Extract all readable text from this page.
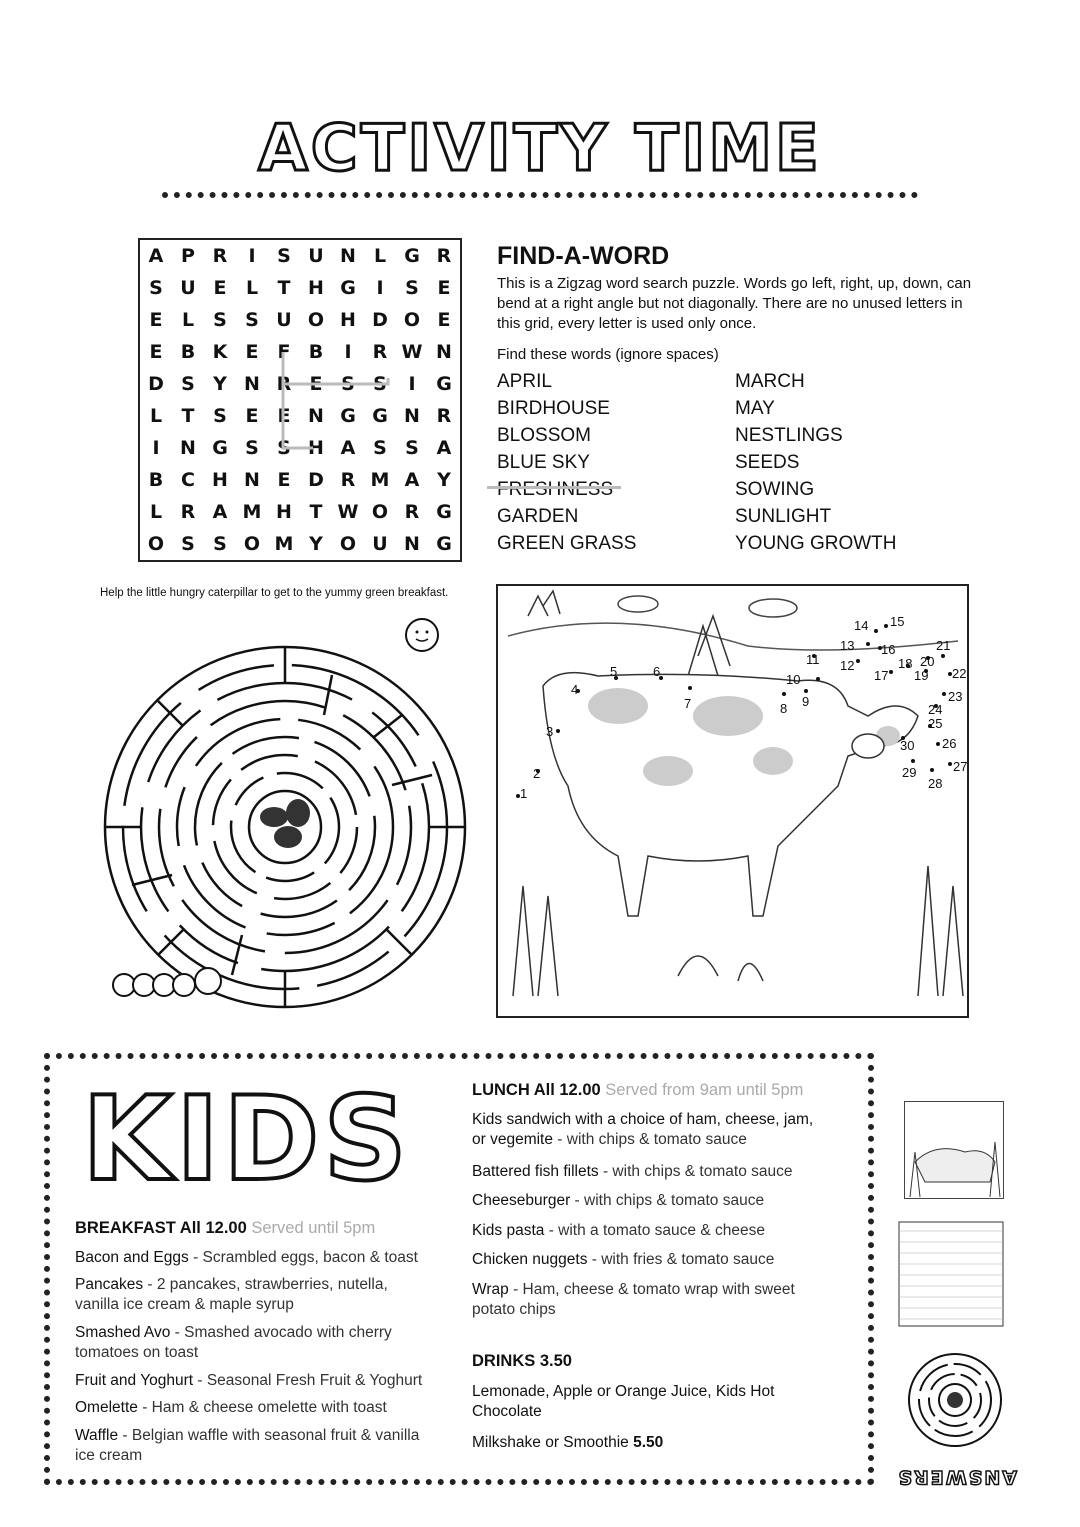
ACTIVITY TIME
A P R	I	S U N L G R
S U E	L	T H G	I	S E
E	L	S S U O H D O E
E B K E	F B	I	R W N
D S Y N R E S S	I	G
L	T S E	E N G G N R
I	N G S S H A S S A
B C H N E D R M A Y
L R A M H T W O R G
O S S O M Y O U N G
FIND-A-WORD
This is a Zigzag word search puzzle. Words go left, right, up, down, can bend at a right angle but not diagonally. There are no unused letters in this grid, every letter is used only once.
Find these words (ignore spaces)
APRIL
BIRDHOUSE
BLOSSOM
BLUE SKY
FRESHNESS
GARDEN
GREEN GRASS
MARCH
MAY
NESTLINGS
SEEDS
SOWING
SUNLIGHT
YOUNG GROWTH
Help the little hungry caterpillar to get to the yummy green breakfast.
1
2
3
4
5	6
7	8 9
10
11 12
13
14 15
16
17
18
19
20
21
22
23
24
25
26
27
28
29
30
KIDS
BREAKFAST All 12.00 Served until 5pm
Bacon and Eggs - Scrambled eggs, bacon & toast
Pancakes - 2 pancakes, strawberries, nutella, vanilla ice cream & maple syrup
Smashed Avo - Smashed avocado with cherry tomatoes on toast
Fruit and Yoghurt - Seasonal Fresh Fruit & Yoghurt
Omelette - Ham & cheese omelette with toast
Waffle - Belgian waffle with seasonal fruit & vanilla ice cream
LUNCH All 12.00 Served from 9am until 5pm
Kids sandwich with a choice of ham, cheese, jam, or vegemite - with chips & tomato sauce
Battered fish fillets - with chips & tomato sauce
Cheeseburger - with chips & tomato sauce
Kids pasta - with a tomato sauce & cheese
Chicken nuggets - with fries & tomato sauce
Wrap - Ham, cheese & tomato wrap with sweet potato chips
DRINKS 3.50
Lemonade, Apple or Orange Juice, Kids Hot Chocolate
Milkshake or Smoothie 5.50
ANSWERS
